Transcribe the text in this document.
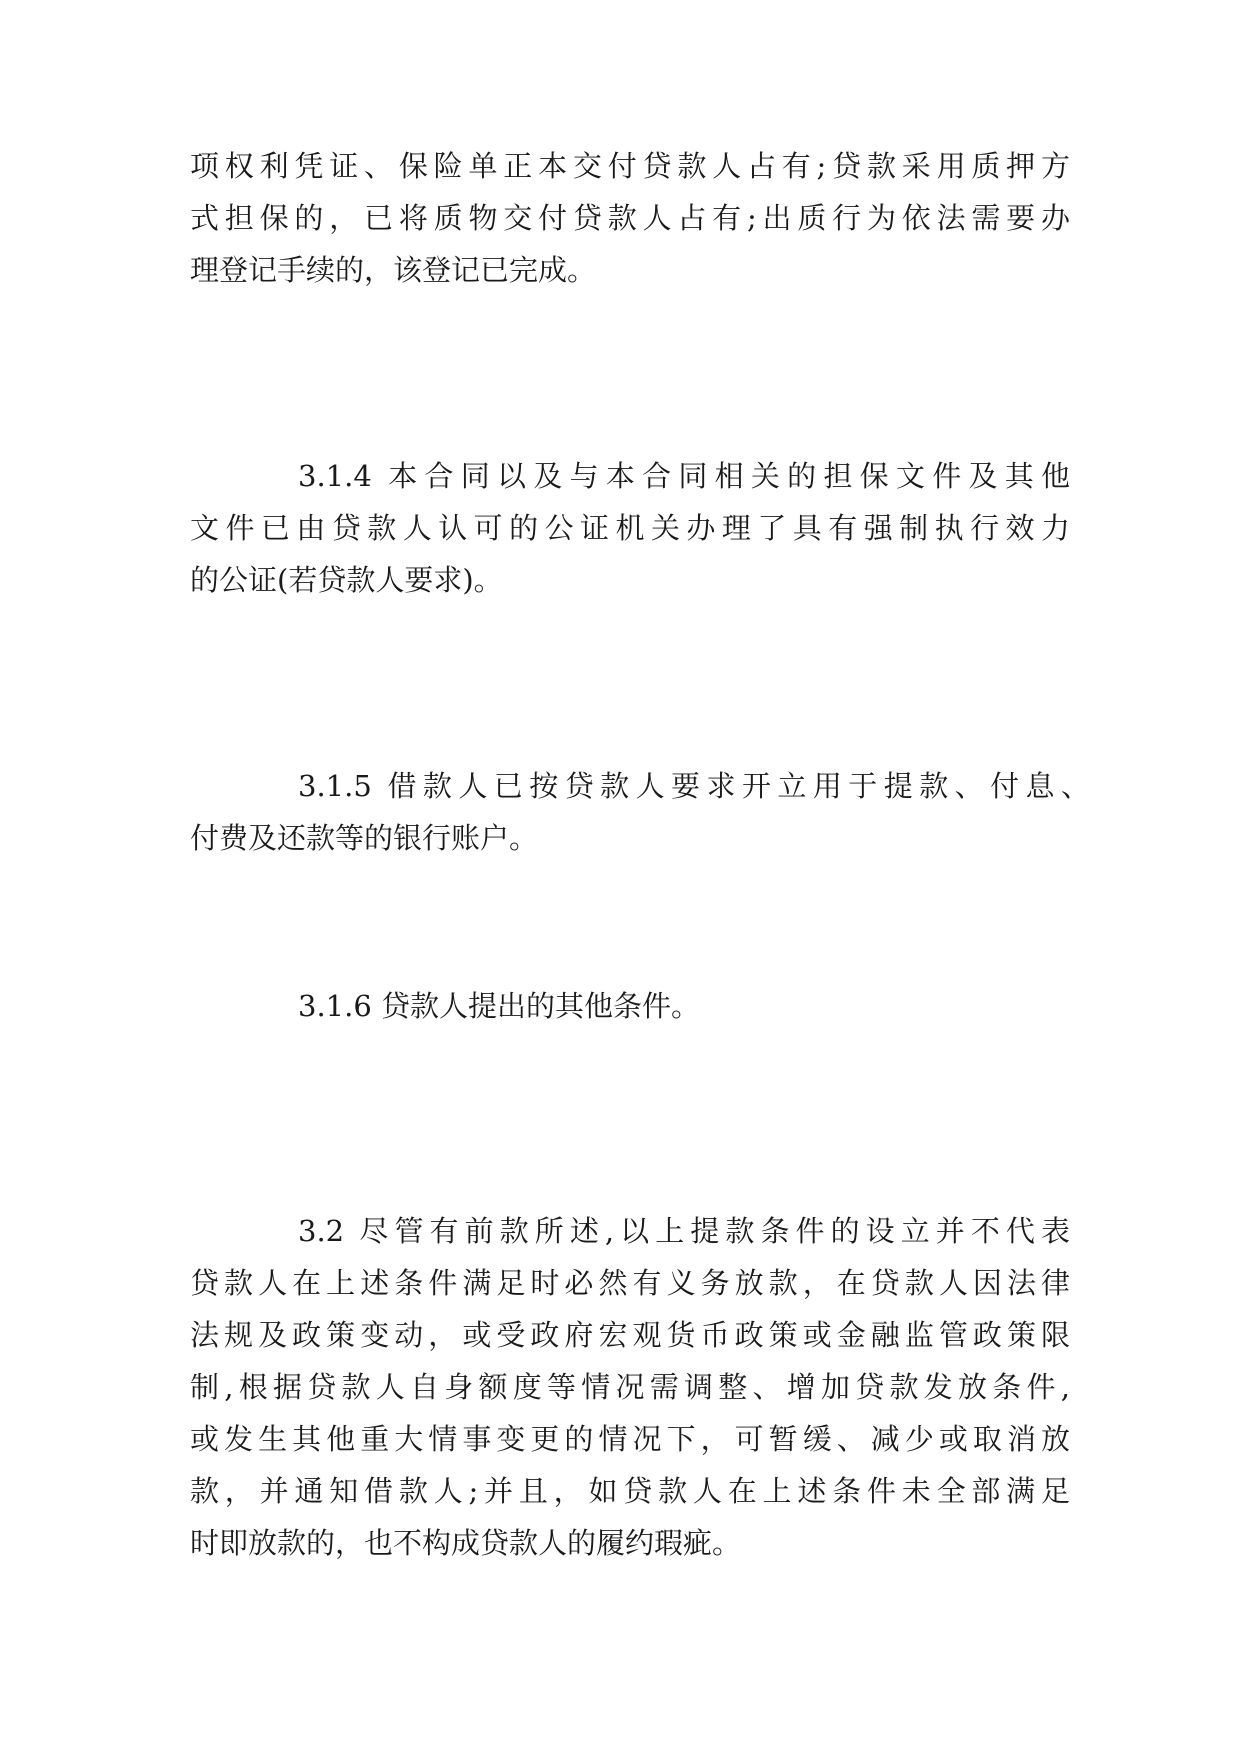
项权利凭证、保险单正本交付贷款人占有;贷款采用质押方
式担保的，已将质物交付贷款人占有;出质行为依法需要办
理登记手续的，该登记已完成。
3.1.4 本合同以及与本合同相关的担保文件及其他
文件已由贷款人认可的公证机关办理了具有强制执行效力
的公证(若贷款人要求)。
3.1.5 借款人已按贷款人要求开立用于提款、付息、
付费及还款等的银行账户。
3.1.6 贷款人提出的其他条件。
3.2 尽管有前款所述,以上提款条件的设立并不代表
贷款人在上述条件满足时必然有义务放款，在贷款人因法律
法规及政策变动，或受政府宏观货币政策或金融监管政策限
制,根据贷款人自身额度等情况需调整、增加贷款发放条件,
或发生其他重大情事变更的情况下，可暂缓、减少或取消放
款，并通知借款人;并且，如贷款人在上述条件未全部满足
时即放款的，也不构成贷款人的履约瑕疵。
